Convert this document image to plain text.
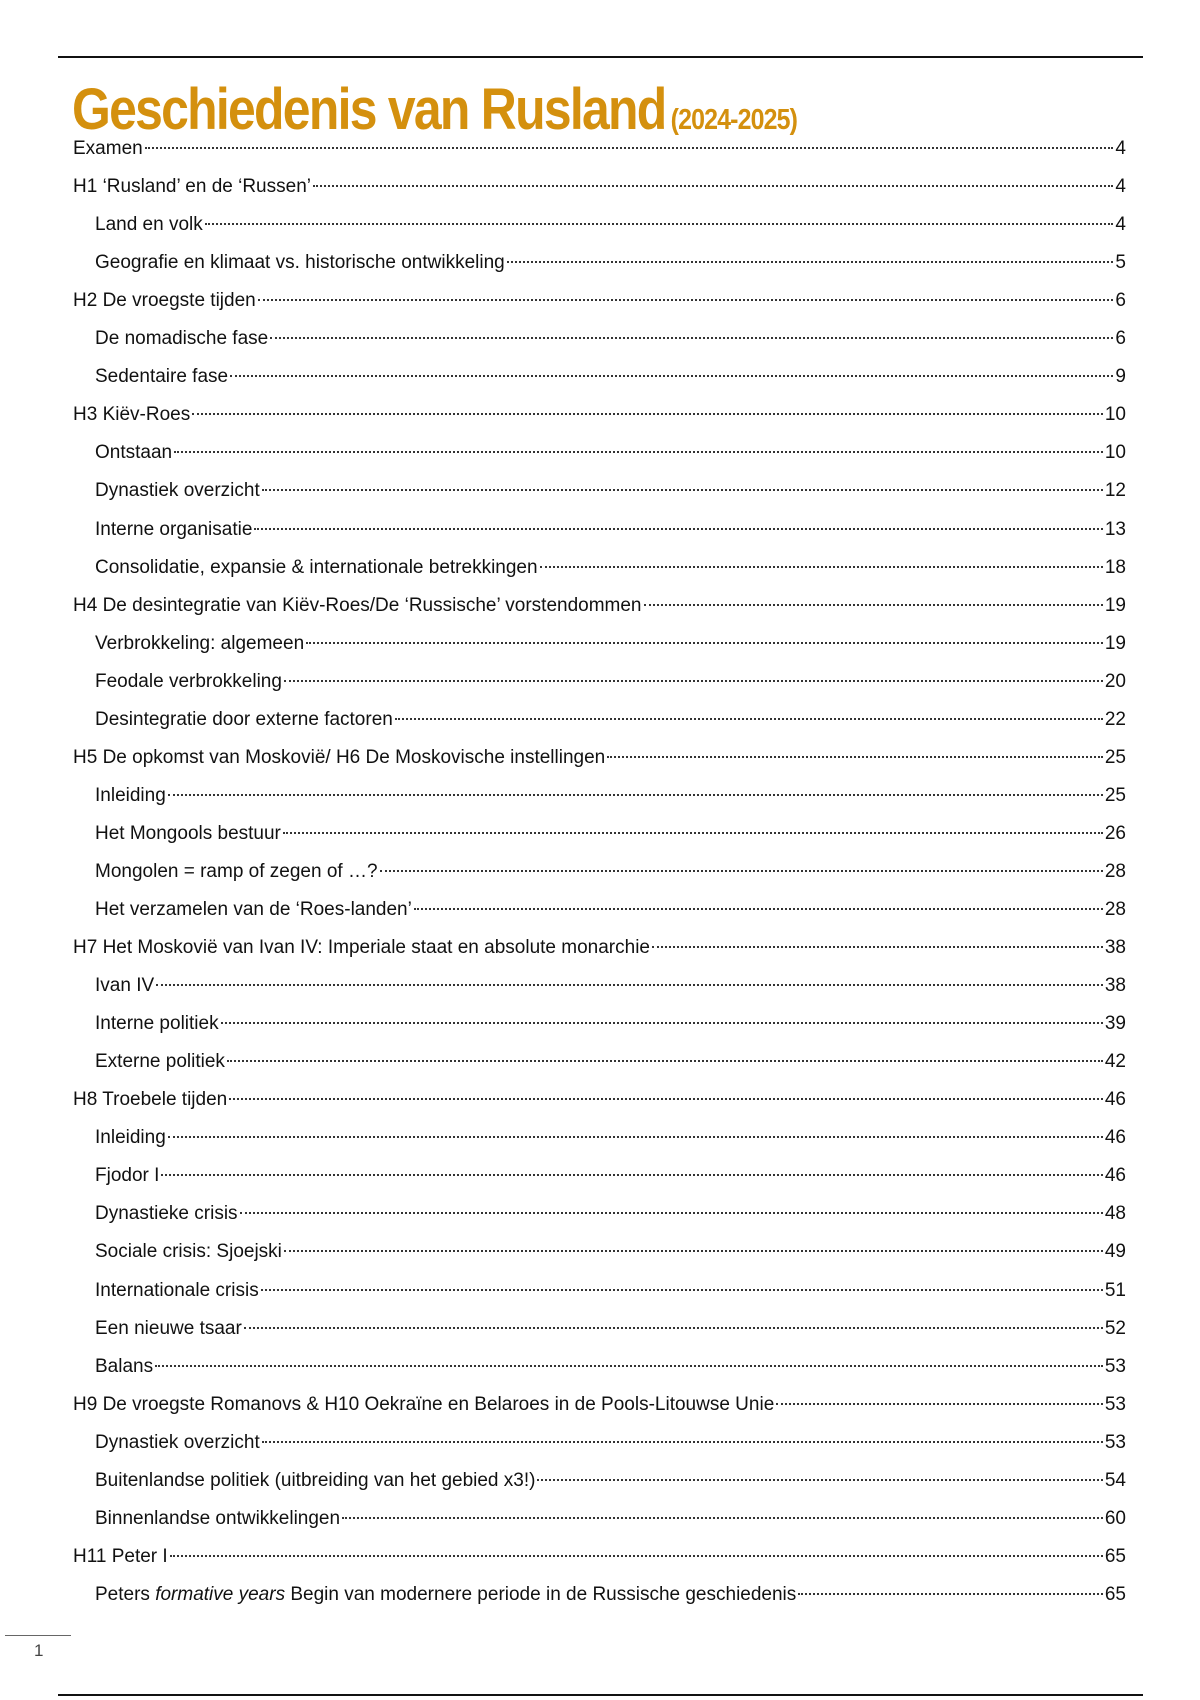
Geschiedenis van Rusland (2024-2025)
Examen	4
H1 ‘Rusland’ en de ‘Russen’	4
Land en volk	4
Geografie en klimaat vs. historische ontwikkeling	5
H2 De vroegste tijden	6
De nomadische fase	6
Sedentaire fase	9
H3 Kiëv-Roes	10
Ontstaan	10
Dynastiek overzicht	12
Interne organisatie	13
Consolidatie, expansie & internationale betrekkingen	18
H4 De desintegratie van Kiëv-Roes/De ‘Russische’ vorstendommen	19
Verbrokkeling: algemeen	19
Feodale verbrokkeling	20
Desintegratie door externe factoren	22
H5 De opkomst van Moskovië/ H6 De Moskovische instellingen	25
Inleiding	25
Het Mongools bestuur	26
Mongolen = ramp of zegen of …?	28
Het verzamelen van de ‘Roes-landen’	28
H7 Het Moskovië van Ivan IV: Imperiale staat en absolute monarchie	38
Ivan IV	38
Interne politiek	39
Externe politiek	42
H8 Troebele tijden	46
Inleiding	46
Fjodor I	46
Dynastieke crisis	48
Sociale crisis: Sjoejski	49
Internationale crisis	51
Een nieuwe tsaar	52
Balans	53
H9 De vroegste Romanovs & H10 Oekraïne en Belaroes in de Pools-Litouwse Unie	53
Dynastiek overzicht	53
Buitenlandse politiek (uitbreiding van het gebied x3!)	54
Binnenlandse ontwikkelingen	60
H11 Peter I	65
Peters formative years Begin van modernere periode in de Russische geschiedenis	65
1
